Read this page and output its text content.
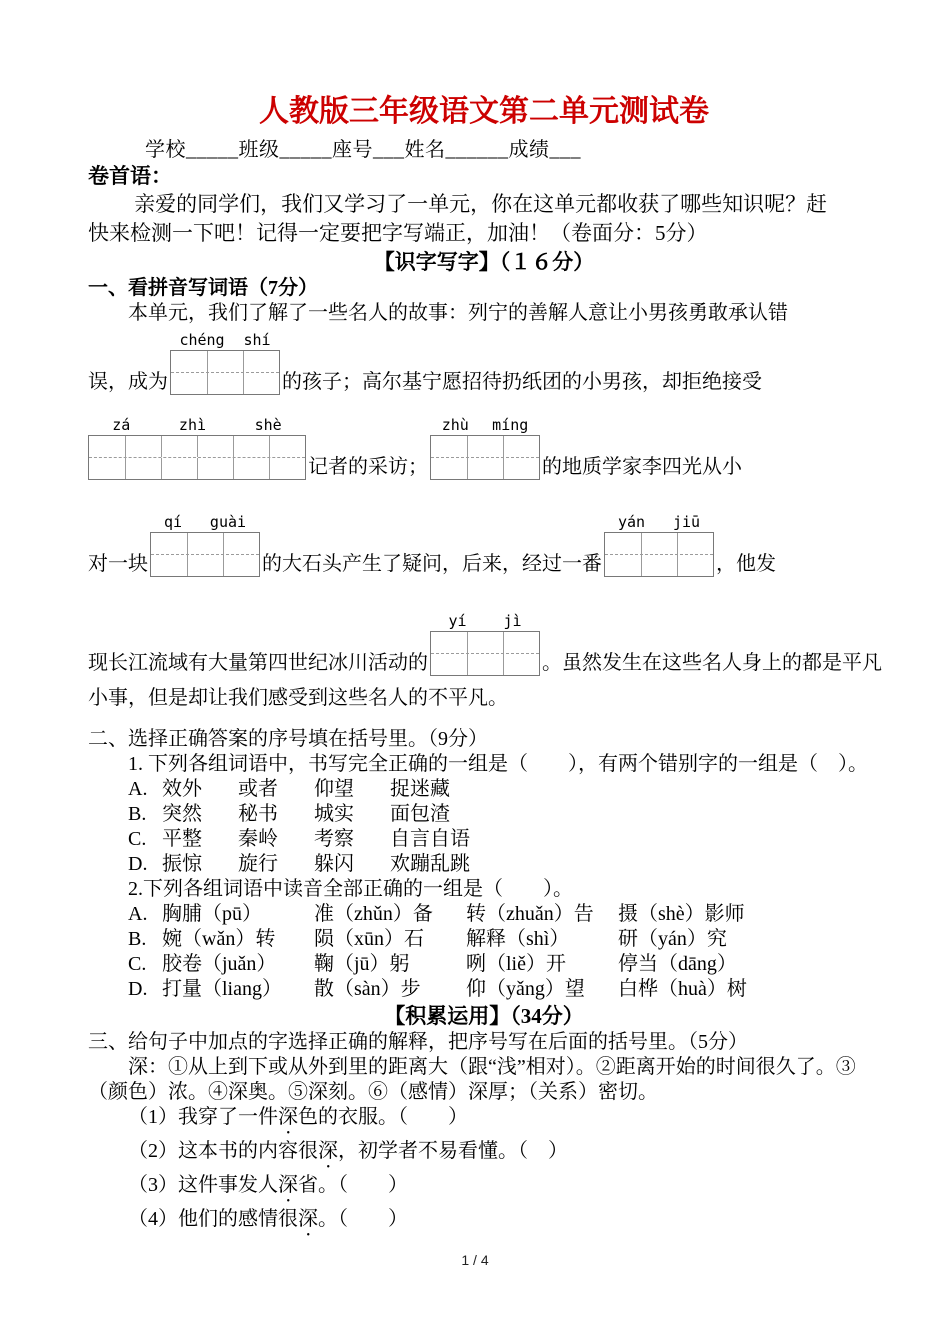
人教版三年级语文第二单元测试卷

学校_____班级_____座号___姓名______成绩___

卷首语：

亲爱的同学们，我们又学习了一单元，你在这单元都收获了哪些知识呢？赶快来检测一下吧！记得一定要把字写端正，加油！（卷面分：5分）

【识字写字】（１６分）

一、看拼音写词语（7分）

本单元，我们了解了一些名人的故事：列宁的善解人意让小男孩勇敢承认错

误，成为
chéng shí
的孩子；高尔基宁愿招待扔纸团的小男孩，却拒绝接受
zá	zhì	shè
记者的采访；
zhù míng
的地质学家李四光从小
对一块
qí guài
的大石头产生了疑问，后来，经过一番
yán jiū
，他发
现长江流域有大量第四世纪冰川活动的
yí jì
。虽然发生在这些名人身上的都是平凡

小事，但是却让我们感受到这些名人的不平凡。

二、选择正确答案的序号填在括号里。（9分）

1. 下列各组词语中，书写完全正确的一组是（　　），有两个错别字的一组是（　）。

A. 效外	或者	仰望	捉迷藏
B. 突然	秘书	城实	面包渣
C. 平整	秦岭	考察	自言自语
D. 振惊	旋行	躲闪	欢蹦乱跳

2.下列各组词语中读音全部正确的一组是（　　）。

A. 胸脯（pū）	准（zhǔn）备	转（zhuǎn）告	摄（shè）影师
B. 婉（wǎn）转	陨（xūn）石	解释（shì）	研（yán）究
C. 胶卷（juǎn）	鞠（jū）躬	咧（liě）开	停当（dāng）
D. 打量（liang）	散（sàn）步	仰（yǎng）望	白桦（huà）树

【积累运用】（34分）

三、给句子中加点的字选择正确的解释，把序号写在后面的括号里。（5分）

深：①从上到下或从外到里的距离大（跟“浅”相对）。②距离开始的时间很久了。③（颜色）浓。④深奥。⑤深刻。⑥（感情）深厚；（关系）密切。

（1）我穿了一件深色的衣服。（　　）

（2）这本书的内容很深，初学者不易看懂。（　）

（3）这件事发人深省。（　　）

（4）他们的感情很深。（　　）

1 / 4
